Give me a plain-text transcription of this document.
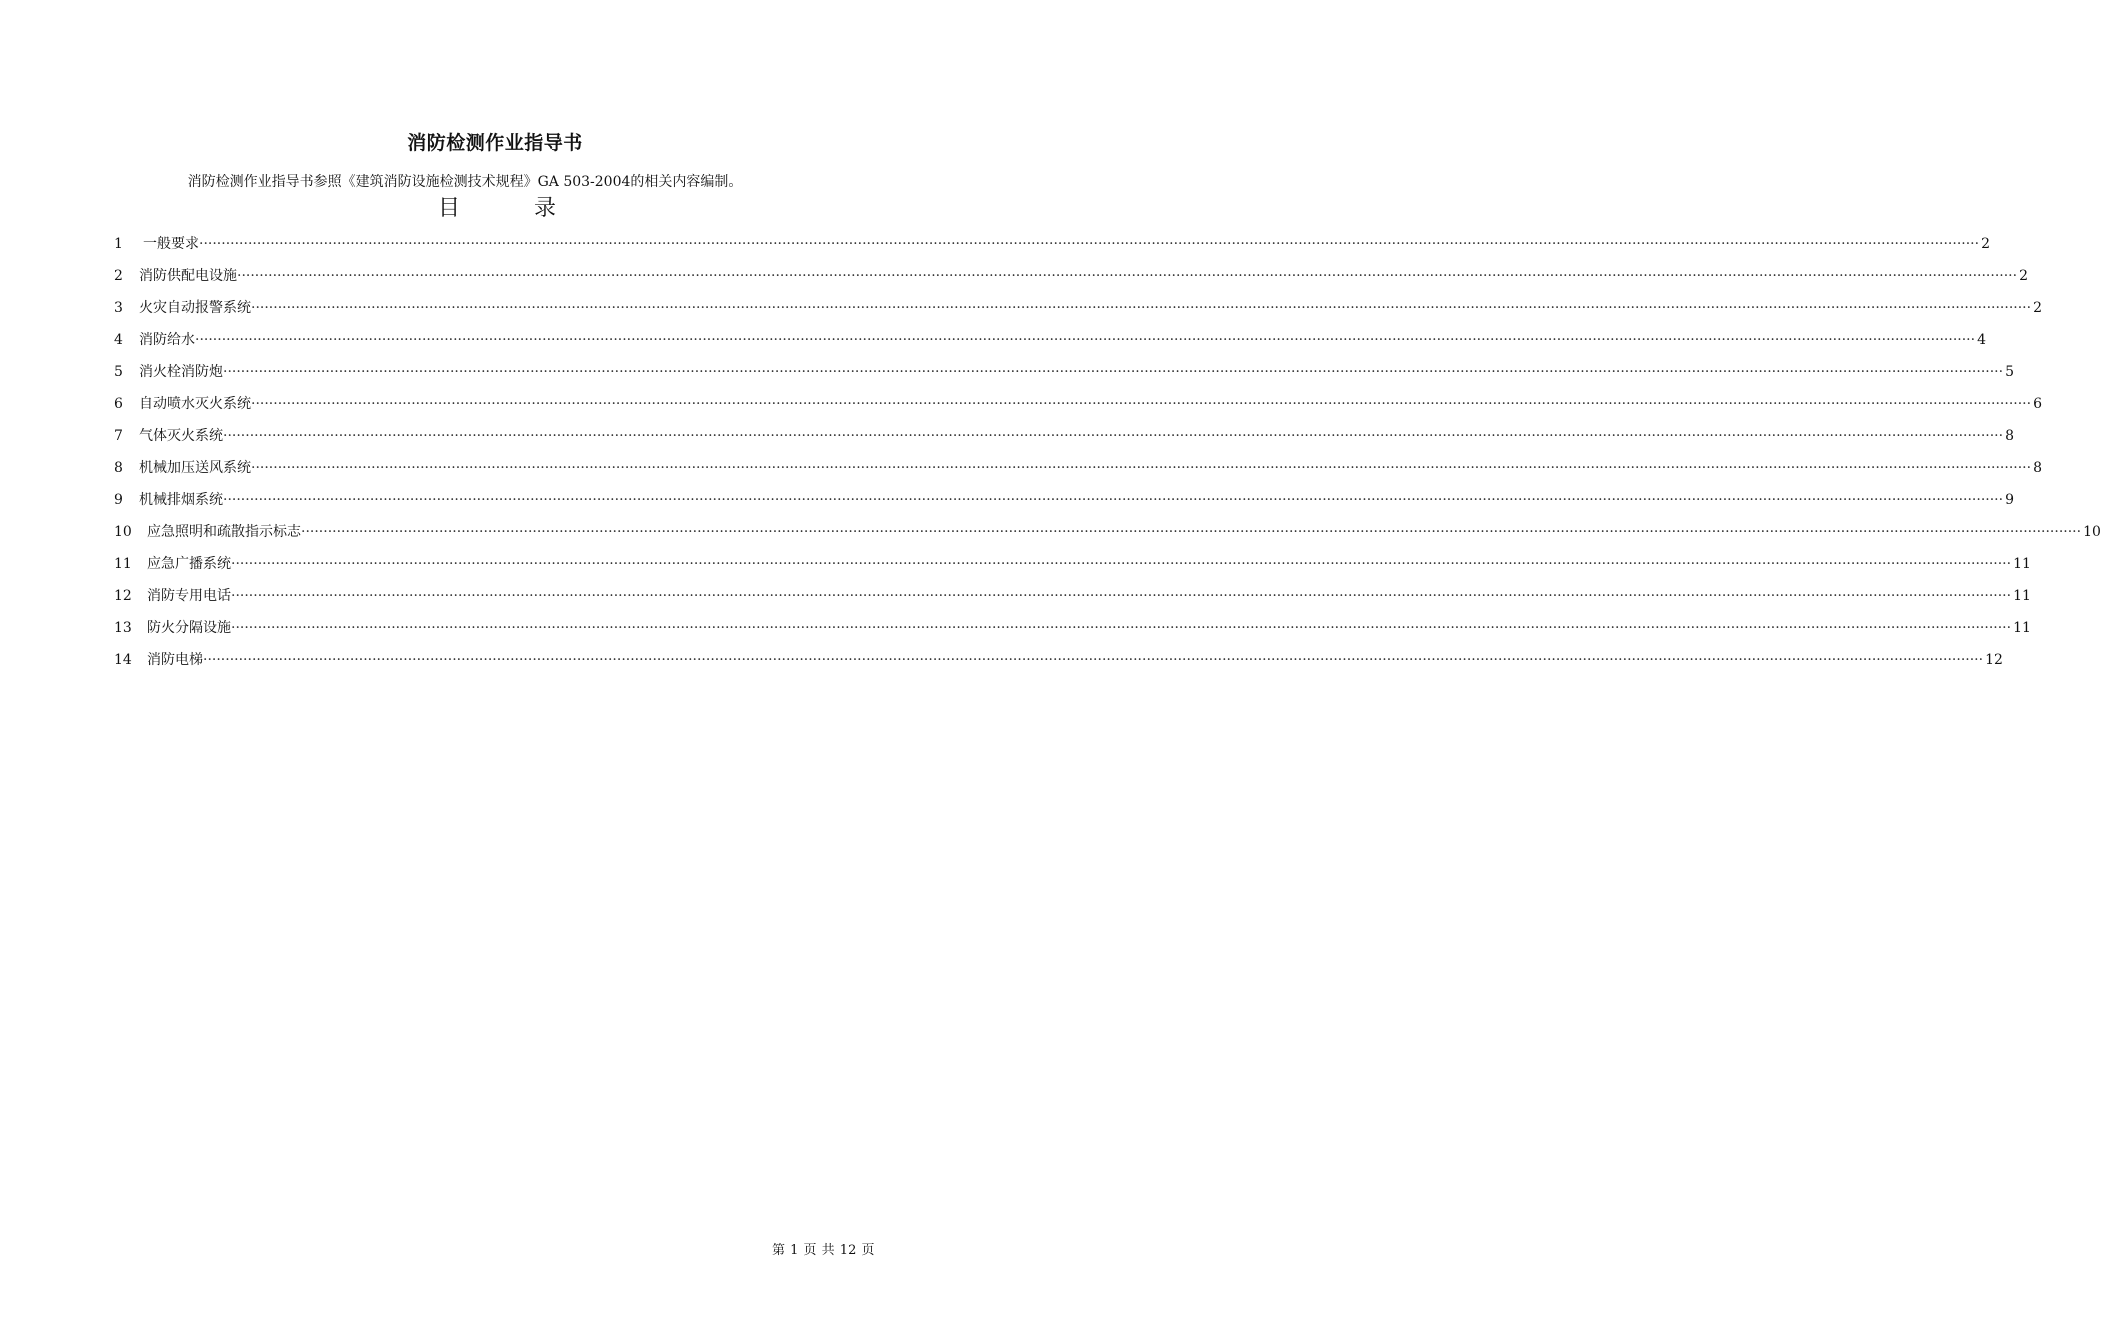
消防检测作业指导书
消防检测作业指导书参照《建筑消防设施检测技术规程》GA 503-2004的相关内容编制。
目	录
1	一般要求 ················································································································································································································································································································································································································ 2
2	消防供配电设施 ················································································································································································································································································································································································································ 2
3	火灾自动报警系统 ················································································································································································································································································································································································································ 2
4	消防给水 ················································································································································································································································································································································································································ 4
5	消火栓消防炮 ················································································································································································································································································································································································································ 5
6	自动喷水灭火系统 ················································································································································································································································································································································································································ 6
7	气体灭火系统 ················································································································································································································································································································································································································ 8
8	机械加压送风系统 ················································································································································································································································································································································································································ 8
9	机械排烟系统 ················································································································································································································································································································································································································ 9
10	应急照明和疏散指示标志 ················································································································································································································································································································································································································ 10
11	应急广播系统 ················································································································································································································································································································································································································ 11
12	消防专用电话 ················································································································································································································································································································································································································ 11
13	防火分隔设施 ················································································································································································································································································································································································································ 11
14	消防电梯 ················································································································································································································································································································································································································ 12
第 1 页 共 12 页
